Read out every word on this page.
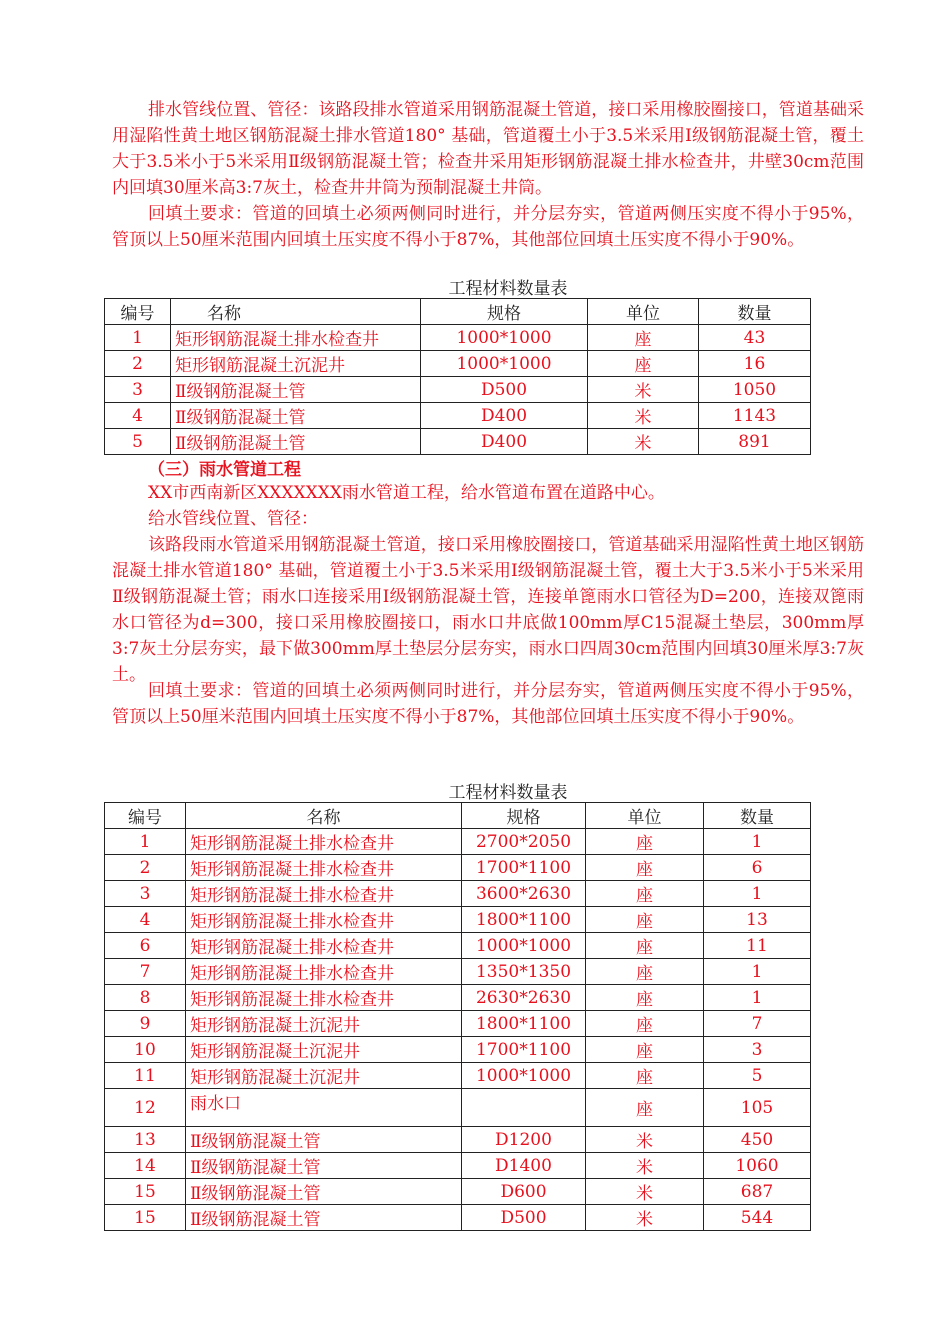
排水管线位置、管径：该路段排水管道采用钢筋混凝土管道，接口采用橡胶圈接口，管道基础采用湿陷性黄土地区钢筋混凝土排水管道180° 基础，管道覆土小于3.5米采用Ⅰ级钢筋混凝土管，覆土大于3.5米小于5米采用Ⅱ级钢筋混凝土管；检查井采用矩形钢筋混凝土排水检查井，井壁30cm范围内回填30厘米高3:7灰土，检查井井筒为预制混凝土井筒。

回填土要求：管道的回填土必须两侧同时进行，并分层夯实，管道两侧压实度不得小于95%，管顶以上50厘米范围内回填土压实度不得小于87%，其他部位回填土压实度不得小于90%。

工程材料数量表

编号	名称	规格	单位	数量
1	矩形钢筋混凝土排水检查井	1000*1000	座	43
2	矩形钢筋混凝土沉泥井	1000*1000	座	16
3	Ⅱ级钢筋混凝土管	D500	米	1050
4	Ⅱ级钢筋混凝土管	D400	米	1143
5	Ⅱ级钢筋混凝土管	D400	米	891

（三）雨水管道工程

XX市西南新区XXXXXXX雨水管道工程，给水管道布置在道路中心。

给水管线位置、管径：

该路段雨水管道采用钢筋混凝土管道，接口采用橡胶圈接口，管道基础采用湿陷性黄土地区钢筋混凝土排水管道180° 基础，管道覆土小于3.5米采用Ⅰ级钢筋混凝土管，覆土大于3.5米小于5米采用Ⅱ级钢筋混凝土管；雨水口连接采用Ⅰ级钢筋混凝土管，连接单篦雨水口管径为D=200，连接双篦雨水口管径为d=300，接口采用橡胶圈接口，雨水口井底做100mm厚C15混凝土垫层，300mm厚3:7灰土分层夯实，最下做300mm厚土垫层分层夯实，雨水口四周30cm范围内回填30厘米厚3:7灰土。

回填土要求：管道的回填土必须两侧同时进行，并分层夯实，管道两侧压实度不得小于95%，管顶以上50厘米范围内回填土压实度不得小于87%，其他部位回填土压实度不得小于90%。

工程材料数量表

编号	名称	规格	单位	数量
1	矩形钢筋混凝土排水检查井	2700*2050	座	1
2	矩形钢筋混凝土排水检查井	1700*1100	座	6
3	矩形钢筋混凝土排水检查井	3600*2630	座	1
4	矩形钢筋混凝土排水检查井	1800*1100	座	13
6	矩形钢筋混凝土排水检查井	1000*1000	座	11
7	矩形钢筋混凝土排水检查井	1350*1350	座	1
8	矩形钢筋混凝土排水检查井	2630*2630	座	1
9	矩形钢筋混凝土沉泥井	1800*1100	座	7
10	矩形钢筋混凝土沉泥井	1700*1100	座	3
11	矩形钢筋混凝土沉泥井	1000*1000	座	5
12	雨水口		座	105
13	Ⅱ级钢筋混凝土管	D1200	米	450
14	Ⅱ级钢筋混凝土管	D1400	米	1060
15	Ⅱ级钢筋混凝土管	D600	米	687
15	Ⅱ级钢筋混凝土管	D500	米	544
